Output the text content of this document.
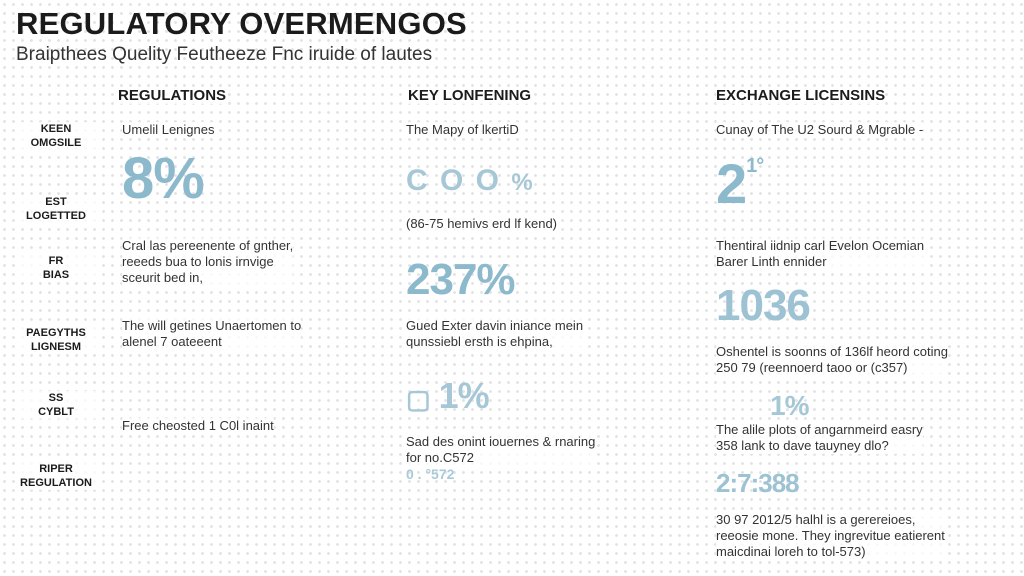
REGULATORY OVERMENGOS
Braipthees Quelity Feutheeze Fnc iruide of lautes
REGULATIONS	KEY LONFENING	EXCHANGE LICENSINS
KEEN
OMGSILE
EST
LOGETTED
FR
BIAS
PAEGYTHS
LIGNESM
SS
CYBLT
RIPER
REGULATION
Umelil Lenignes
8%
Cral las pereenente of gnther,
reeeds bua to lonis irnvige
sceurit bed in,
The will getines Unaertomen to
alenel 7 oateeent
Free cheosted 1 C0l inaint
The Mapy of lkertiD
C O O %
(86-75 hemivs erd lf kend)
237%
Gued Exter davin iniance mein
qunssiebl ersth is ehpina,
▢ 1%
Sad des onint iouernes & rnaring
for no.C572
0 . °572
Cunay of The U2 Sourd & Mgrable -
$2^{1^\circ}$
Thentiral iidnip carl Evelon Ocemian
Barer Linth ennider
1036
Oshentel is soonns of 136lf heord coting
250 79 (reennoerd taoo or (c357)
1%
The alile plots of angarnmeird easry
358 lank to dave tauyney dlo?
2:7:388
30 97 2012/5 halhl is a gerereioes,
reeosie mone. They ingrevitue eatierent
maicdinai loreh to tol-573)
